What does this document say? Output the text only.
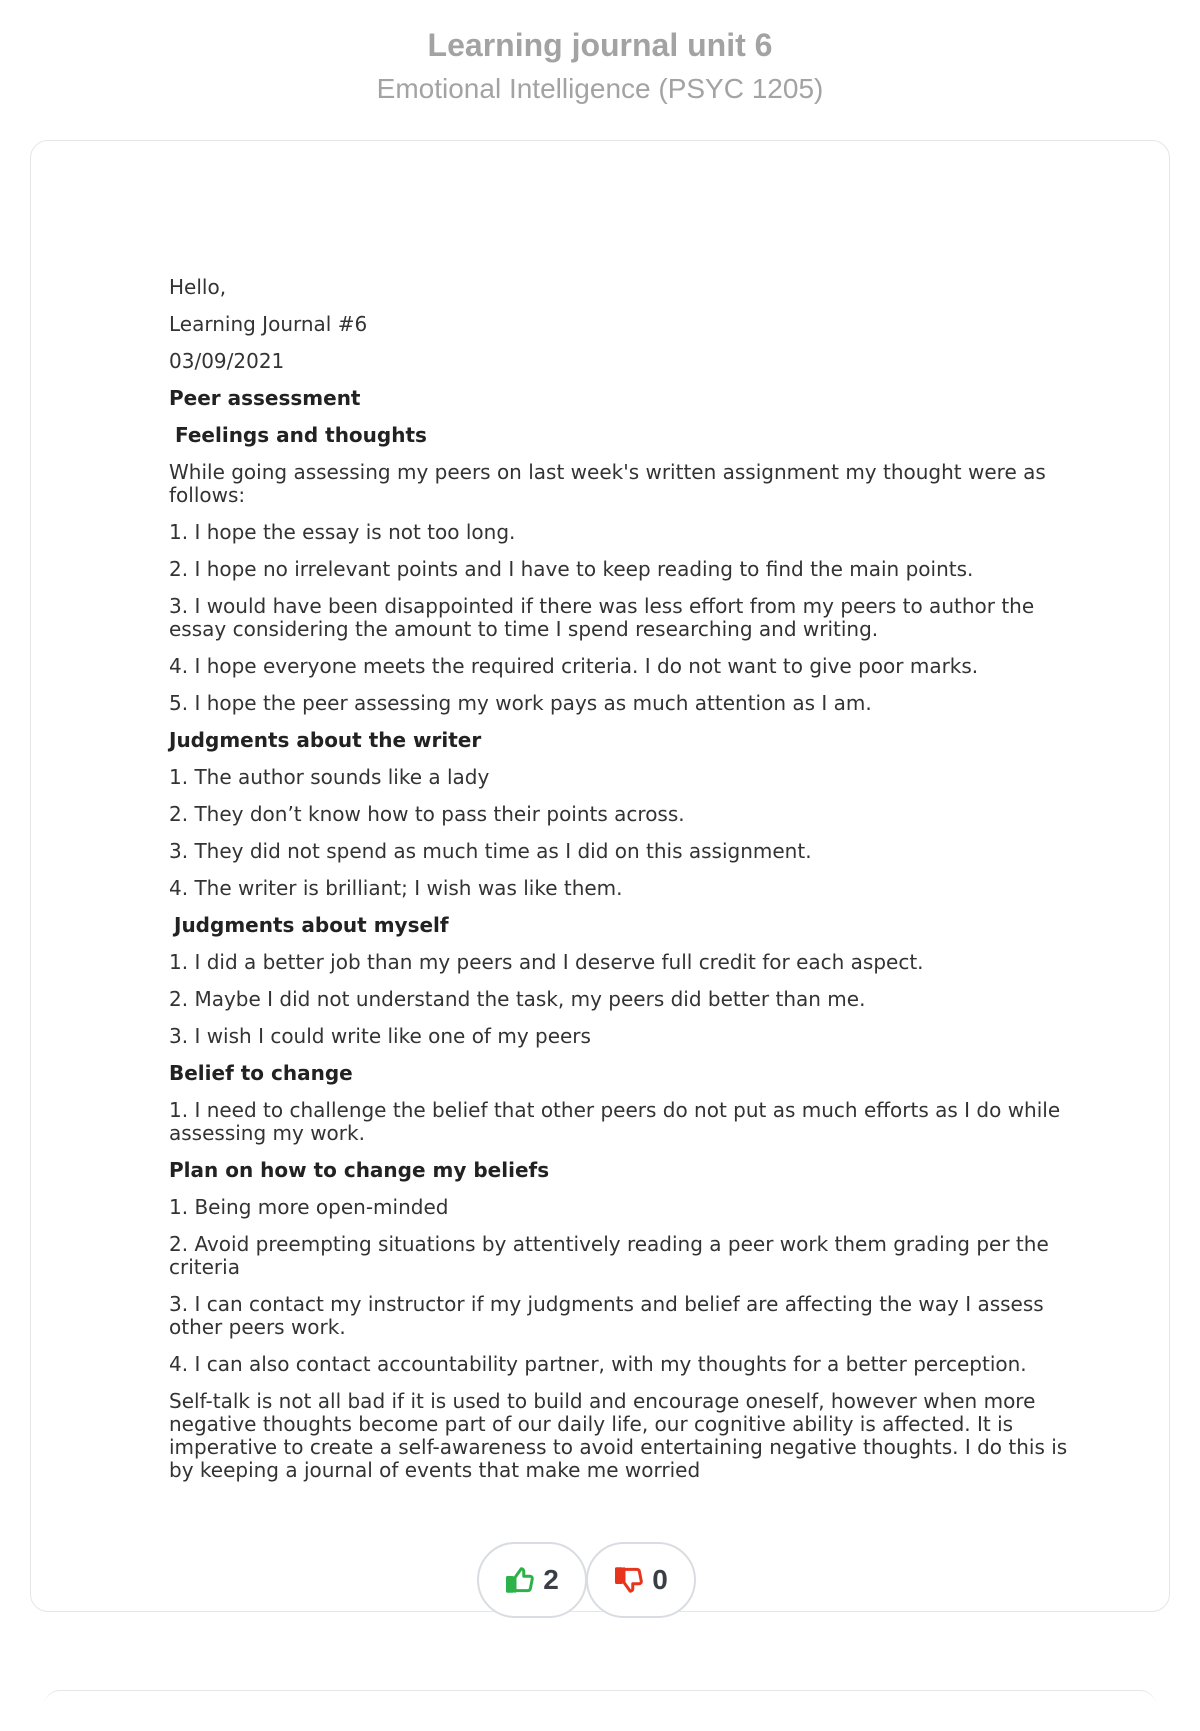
Learning journal unit 6
Emotional Intelligence (PSYC 1205)

Hello,

Learning Journal #6

03/09/2021

Peer assessment

Feelings and thoughts

While going assessing my peers on last week's written assignment my thought were as follows:

1. I hope the essay is not too long.

2. I hope no irrelevant points and I have to keep reading to find the main points.

3. I would have been disappointed if there was less effort from my peers to author the essay considering the amount to time I spend researching and writing.

4. I hope everyone meets the required criteria. I do not want to give poor marks.

5. I hope the peer assessing my work pays as much attention as I am.

Judgments about the writer

1. The author sounds like a lady

2. They don’t know how to pass their points across.

3. They did not spend as much time as I did on this assignment.

4. The writer is brilliant; I wish was like them.

Judgments about myself

1. I did a better job than my peers and I deserve full credit for each aspect.

2. Maybe I did not understand the task, my peers did better than me.

3. I wish I could write like one of my peers

Belief to change

1. I need to challenge the belief that other peers do not put as much efforts as I do while assessing my work.

Plan on how to change my beliefs

1. Being more open-minded

2. Avoid preempting situations by attentively reading a peer work them grading per the criteria

3. I can contact my instructor if my judgments and belief are affecting the way I assess other peers work.

4. I can also contact accountability partner, with my thoughts for a better perception.

Self-talk is not all bad if it is used to build and encourage oneself, however when more negative thoughts become part of our daily life, our cognitive ability is affected. It is imperative to create a self-awareness to avoid entertaining negative thoughts. I do this is by keeping a journal of events that make me worried

2	0
